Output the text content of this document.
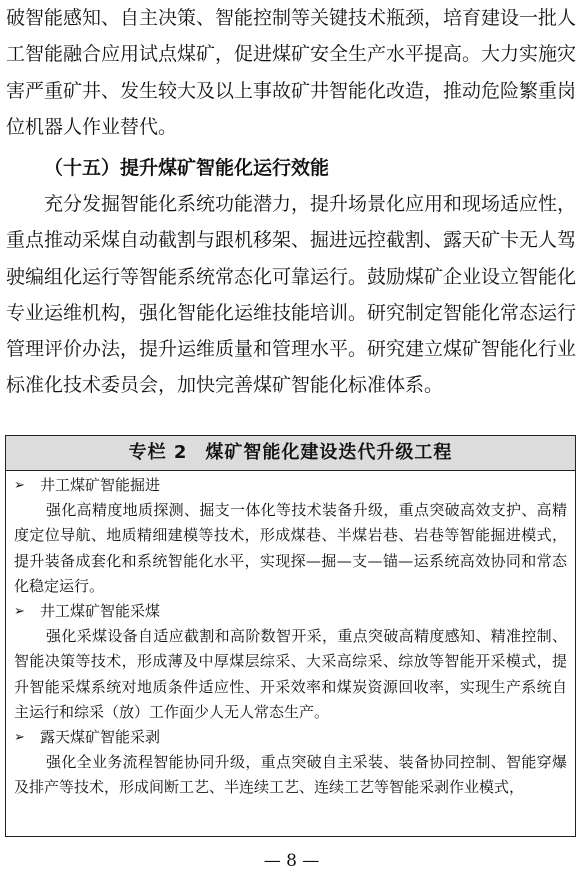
破智能感知、自主决策、智能控制等关键技术瓶颈，培育建设一批人工智能融合应用试点煤矿，促进煤矿安全生产水平提高。大力实施灾害严重矿井、发生较大及以上事故矿井智能化改造，推动危险繁重岗位机器人作业替代。

（十五）提升煤矿智能化运行效能

充分发掘智能化系统功能潜力，提升场景化应用和现场适应性，重点推动采煤自动截割与跟机移架、掘进远控截割、露天矿卡无人驾驶编组化运行等智能系统常态化可靠运行。鼓励煤矿企业设立智能化专业运维机构，强化智能化运维技能培训。研究制定智能化常态运行管理评价办法，提升运维质量和管理水平。研究建立煤矿智能化行业标准化技术委员会，加快完善煤矿智能化标准体系。

专栏 2 煤矿智能化建设迭代升级工程
➢	井工煤矿智能掘进

强化高精度地质探测、掘支一体化等技术装备升级，重点突破高效支护、高精度定位导航、地质精细建模等技术，形成煤巷、半煤岩巷、岩巷等智能掘进模式，提升装备成套化和系统智能化水平，实现探—掘—支—锚—运系统高效协同和常态化稳定运行。

➢	井工煤矿智能采煤

强化采煤设备自适应截割和高阶数智开采，重点突破高精度感知、精准控制、智能决策等技术，形成薄及中厚煤层综采、大采高综采、综放等智能开采模式，提升智能采煤系统对地质条件适应性、开采效率和煤炭资源回收率，实现生产系统自主运行和综采（放）工作面少人无人常态生产。

➢	露天煤矿智能采剥

强化全业务流程智能协同升级，重点突破自主采装、装备协同控制、智能穿爆及排产等技术，形成间断工艺、半连续工艺、连续工艺等智能采剥作业模式，

— 8 —
